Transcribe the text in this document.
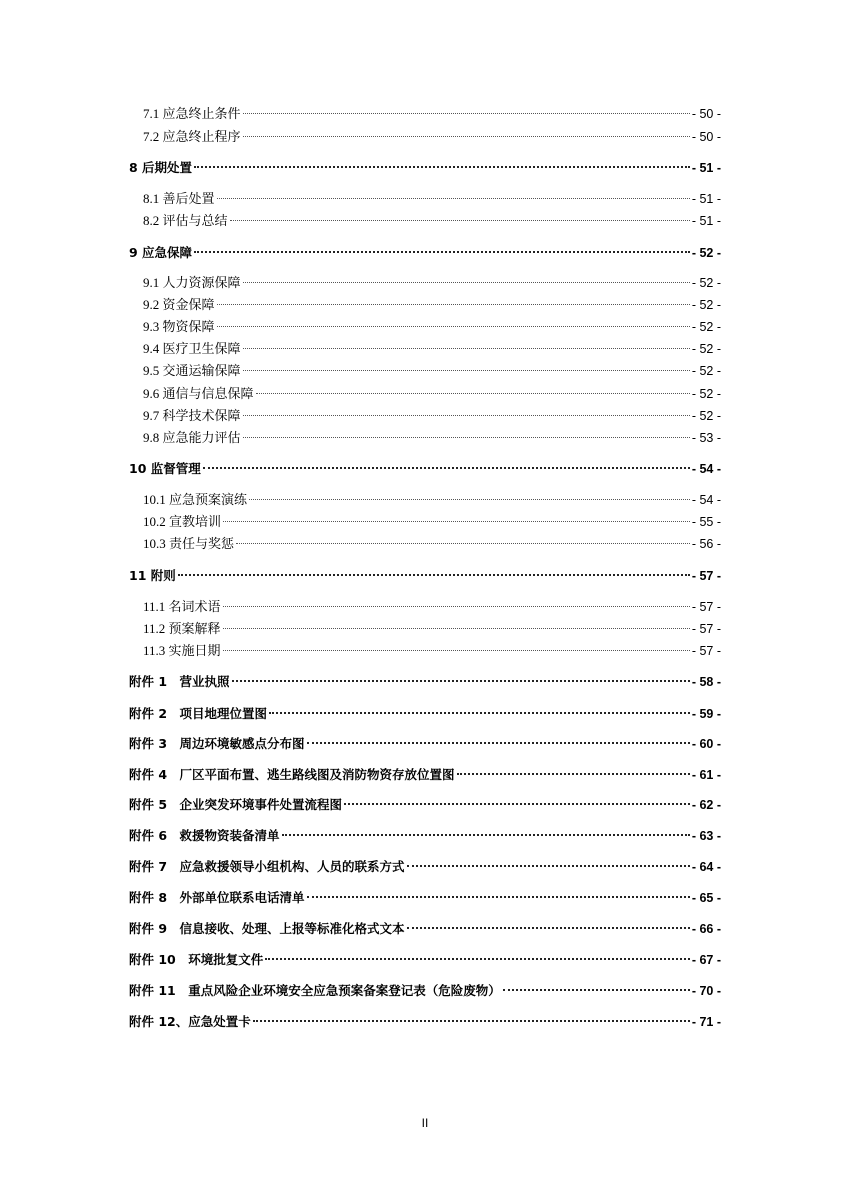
7.1 应急终止条件	- 50 -
7.2 应急终止程序	- 50 -
8 后期处置	- 51 -
8.1 善后处置	- 51 -
8.2 评估与总结	- 51 -
9 应急保障	- 52 -
9.1 人力资源保障	- 52 -
9.2 资金保障	- 52 -
9.3 物资保障	- 52 -
9.4 医疗卫生保障	- 52 -
9.5 交通运输保障	- 52 -
9.6 通信与信息保障	- 52 -
9.7 科学技术保障	- 52 -
9.8 应急能力评估	- 53 -
10 监督管理	- 54 -
10.1 应急预案演练	- 54 -
10.2 宣教培训	- 55 -
10.3 责任与奖惩	- 56 -
11 附则	- 57 -
11.1 名词术语	- 57 -
11.2 预案解释	- 57 -
11.3 实施日期	- 57 -
附件 1　营业执照	- 58 -
附件 2　项目地理位置图	- 59 -
附件 3　周边环境敏感点分布图	- 60 -
附件 4　厂区平面布置、逃生路线图及消防物资存放位置图	- 61 -
附件 5　企业突发环境事件处置流程图	- 62 -
附件 6　救援物资装备清单	- 63 -
附件 7　应急救援领导小组机构、人员的联系方式	- 64 -
附件 8　外部单位联系电话清单	- 65 -
附件 9　信息接收、处理、上报等标准化格式文本	- 66 -
附件 10　环境批复文件	- 67 -
附件 11　重点风险企业环境安全应急预案备案登记表（危险废物）	- 70 -
附件 12、应急处置卡	- 71 -
II
